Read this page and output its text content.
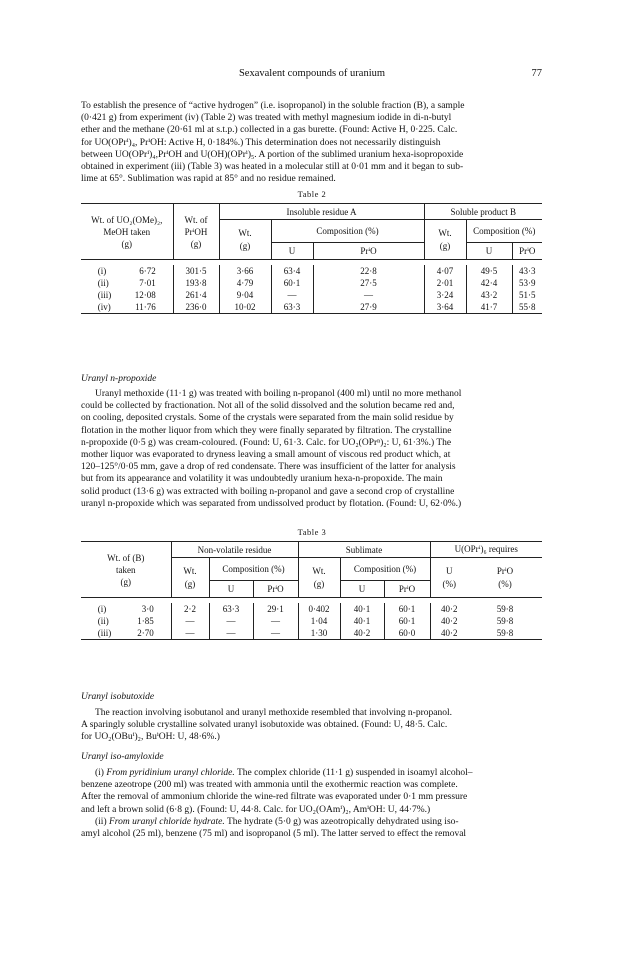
Sexavalent compounds of uranium	77

To establish the presence of “active hydrogen” (i.e. isopropanol) in the soluble fraction (B), a sample

(0·421 g) from experiment (iv) (Table 2) was treated with methyl magnesium iodide in di-n-butyl

ether and the methane (20·61 ml at s.t.p.) collected in a gas burette. (Found: Active H, 0·225. Calc.

for UO(OPrⁱ)₄, PrⁱOH: Active H, 0·184%.) This determination does not necessarily distinguish

between UO(OPrⁱ)₄,PrⁱOH and U(OH)(OPrⁱ)₅. A portion of the sublimed uranium hexa-isopropoxide

obtained in experiment (iii) (Table 3) was heated in a molecular still at 0·01 mm and it began to sub-

lime at 65°. Sublimation was rapid at 85° and no residue remained.

Table 2
Wt. of UO₂(OMe)₂,
MeOH taken
(g)	Wt. of
PrⁱOH
(g)	Insoluble residue A			Soluble product B		
		Wt.
(g)	Composition (%)		Wt.
(g)	Composition (%)	
			U	PrⁱO		U	PrⁱO

(i) 6·72	301·5	3·66	63·4	22·8	4·07	49·5	43·3
(ii) 7·01	193·8	4·79	60·1	27·5	2·01	42·4	53·9
(iii) 12·08	261·4	9·04	—	—	3·24	43·2	51·5
(iv) 11·76	236·0	10·02	63·3	27·9	3·64	41·7	55·8
Uranyl n-propoxide

Uranyl methoxide (11·1 g) was treated with boiling n-propanol (400 ml) until no more methanol

could be collected by fractionation. Not all of the solid dissolved and the solution became red and,

on cooling, deposited crystals. Some of the crystals were separated from the main solid residue by

flotation in the mother liquor from which they were finally separated by filtration. The crystalline

n-propoxide (0·5 g) was cream-coloured. (Found: U, 61·3. Calc. for UO₂(OPrⁿ)₂: U, 61·3%.) The

mother liquor was evaporated to dryness leaving a small amount of viscous red product which, at

120–125°/0·05 mm, gave a drop of red condensate. There was insufficient of the latter for analysis

but from its appearance and volatility it was undoubtedly uranium hexa-n-propoxide. The main

solid product (13·6 g) was extracted with boiling n-propanol and gave a second crop of crystalline

uranyl n-propoxide which was separated from undissolved product by flotation. (Found: U, 62·0%.)

Table 3
Wt. of (B)
taken
(g)	Non-volatile residue			Sublimate			U(OPrⁱ)₆ requires	
	Wt.
(g)	Composition (%)		Wt.
(g)	Composition (%)		U
(%)	PrⁱO
(%)
		U	PrⁱO		U	PrⁱO		

(i) 3·0	2·2	63·3	29·1	0·402	40·1	60·1	40·2	59·8
(ii) 1·85	—	—	—	1·04	40·1	60·1	40·2	59·8
(iii) 2·70	—	—	—	1·30	40·2	60·0	40·2	59·8
Uranyl isobutoxide

The reaction involving isobutanol and uranyl methoxide resembled that involving n-propanol.

A sparingly soluble crystalline solvated uranyl isobutoxide was obtained. (Found: U, 48·5. Calc.

for UO₂(OBuⁱ)₂, BuⁱOH: U, 48·6%.)

Uranyl iso-amyloxide

(i) From pyridinium uranyl chloride. The complex chloride (11·1 g) suspended in isoamyl alcohol–

benzene azeotrope (200 ml) was treated with ammonia until the exothermic reaction was complete.

After the removal of ammonium chloride the wine-red filtrate was evaporated under 0·1 mm pressure

and left a brown solid (6·8 g). (Found: U, 44·8. Calc. for UO₂(OAmⁱ)₂, AmⁱOH: U, 44·7%.)

(ii) From uranyl chloride hydrate. The hydrate (5·0 g) was azeotropically dehydrated using iso-

amyl alcohol (25 ml), benzene (75 ml) and isopropanol (5 ml). The latter served to effect the removal
